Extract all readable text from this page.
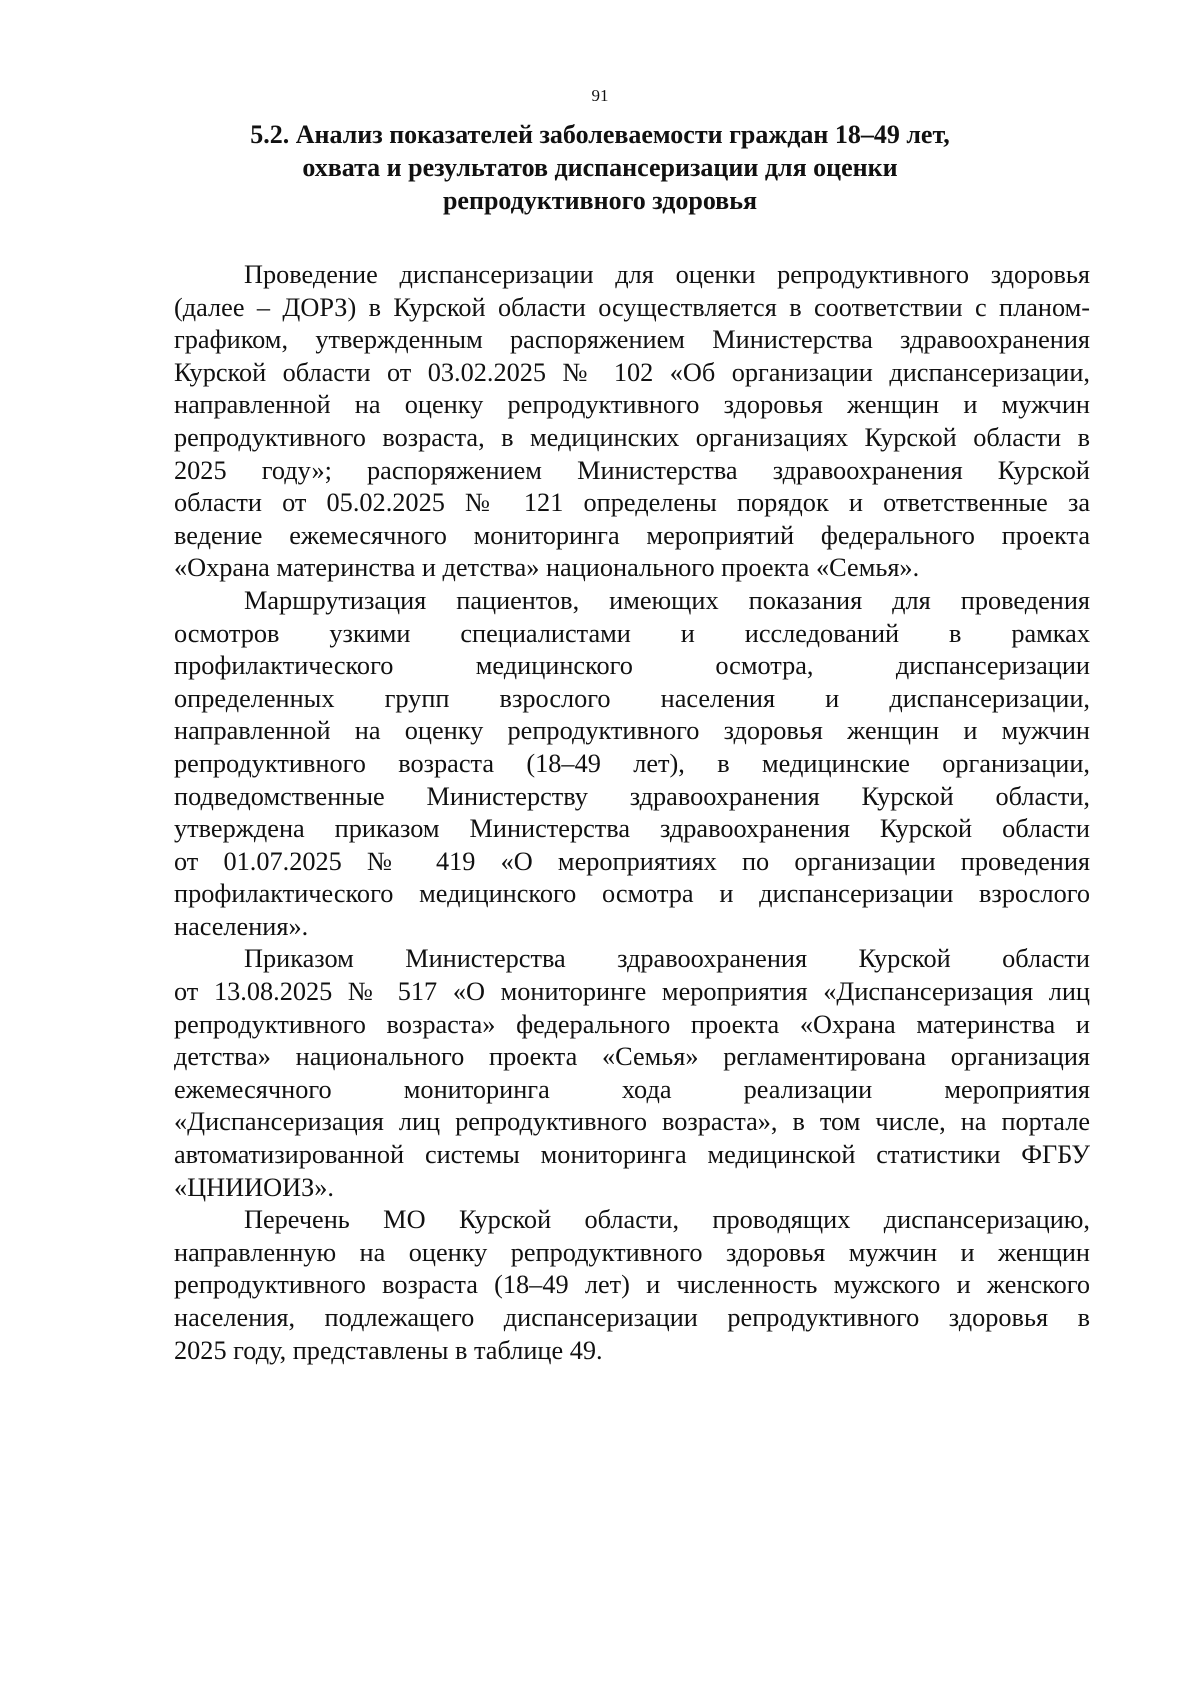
91
5.2. Анализ показателей заболеваемости граждан 18–49 лет,
охвата и результатов диспансеризации для оценки
репродуктивного здоровья

Проведение диспансеризации для оценки репродуктивного здоровья
(далее – ДОРЗ) в Курской области осуществляется в соответствии с планом-
графиком, утвержденным распоряжением Министерства здравоохранения
Курской области от 03.02.2025 № 102 «Об организации диспансеризации,
направленной на оценку репродуктивного здоровья женщин и мужчин
репродуктивного возраста, в медицинских организациях Курской области в
2025 году»; распоряжением Министерства здравоохранения Курской
области от 05.02.2025 № 121 определены порядок и ответственные за
ведение ежемесячного мониторинга мероприятий федерального проекта
«Охрана материнства и детства» национального проекта «Семья».

Маршрутизация пациентов, имеющих показания для проведения
осмотров узкими специалистами и исследований в рамках
профилактического медицинского осмотра, диспансеризации
определенных групп взрослого населения и диспансеризации,
направленной на оценку репродуктивного здоровья женщин и мужчин
репродуктивного возраста (18–49 лет), в медицинские организации,
подведомственные Министерству здравоохранения Курской области,
утверждена приказом Министерства здравоохранения Курской области
от 01.07.2025 № 419 «О мероприятиях по организации проведения
профилактического медицинского осмотра и диспансеризации взрослого
населения».

Приказом Министерства здравоохранения Курской области
от 13.08.2025 № 517 «О мониторинге мероприятия «Диспансеризация лиц
репродуктивного возраста» федерального проекта «Охрана материнства и
детства» национального проекта «Семья» регламентирована организация
ежемесячного мониторинга хода реализации мероприятия
«Диспансеризация лиц репродуктивного возраста», в том числе, на портале
автоматизированной системы мониторинга медицинской статистики ФГБУ
«ЦНИИОИЗ».

Перечень МО Курской области, проводящих диспансеризацию,
направленную на оценку репродуктивного здоровья мужчин и женщин
репродуктивного возраста (18–49 лет) и численность мужского и женского
населения, подлежащего диспансеризации репродуктивного здоровья в
2025 году, представлены в таблице 49.
